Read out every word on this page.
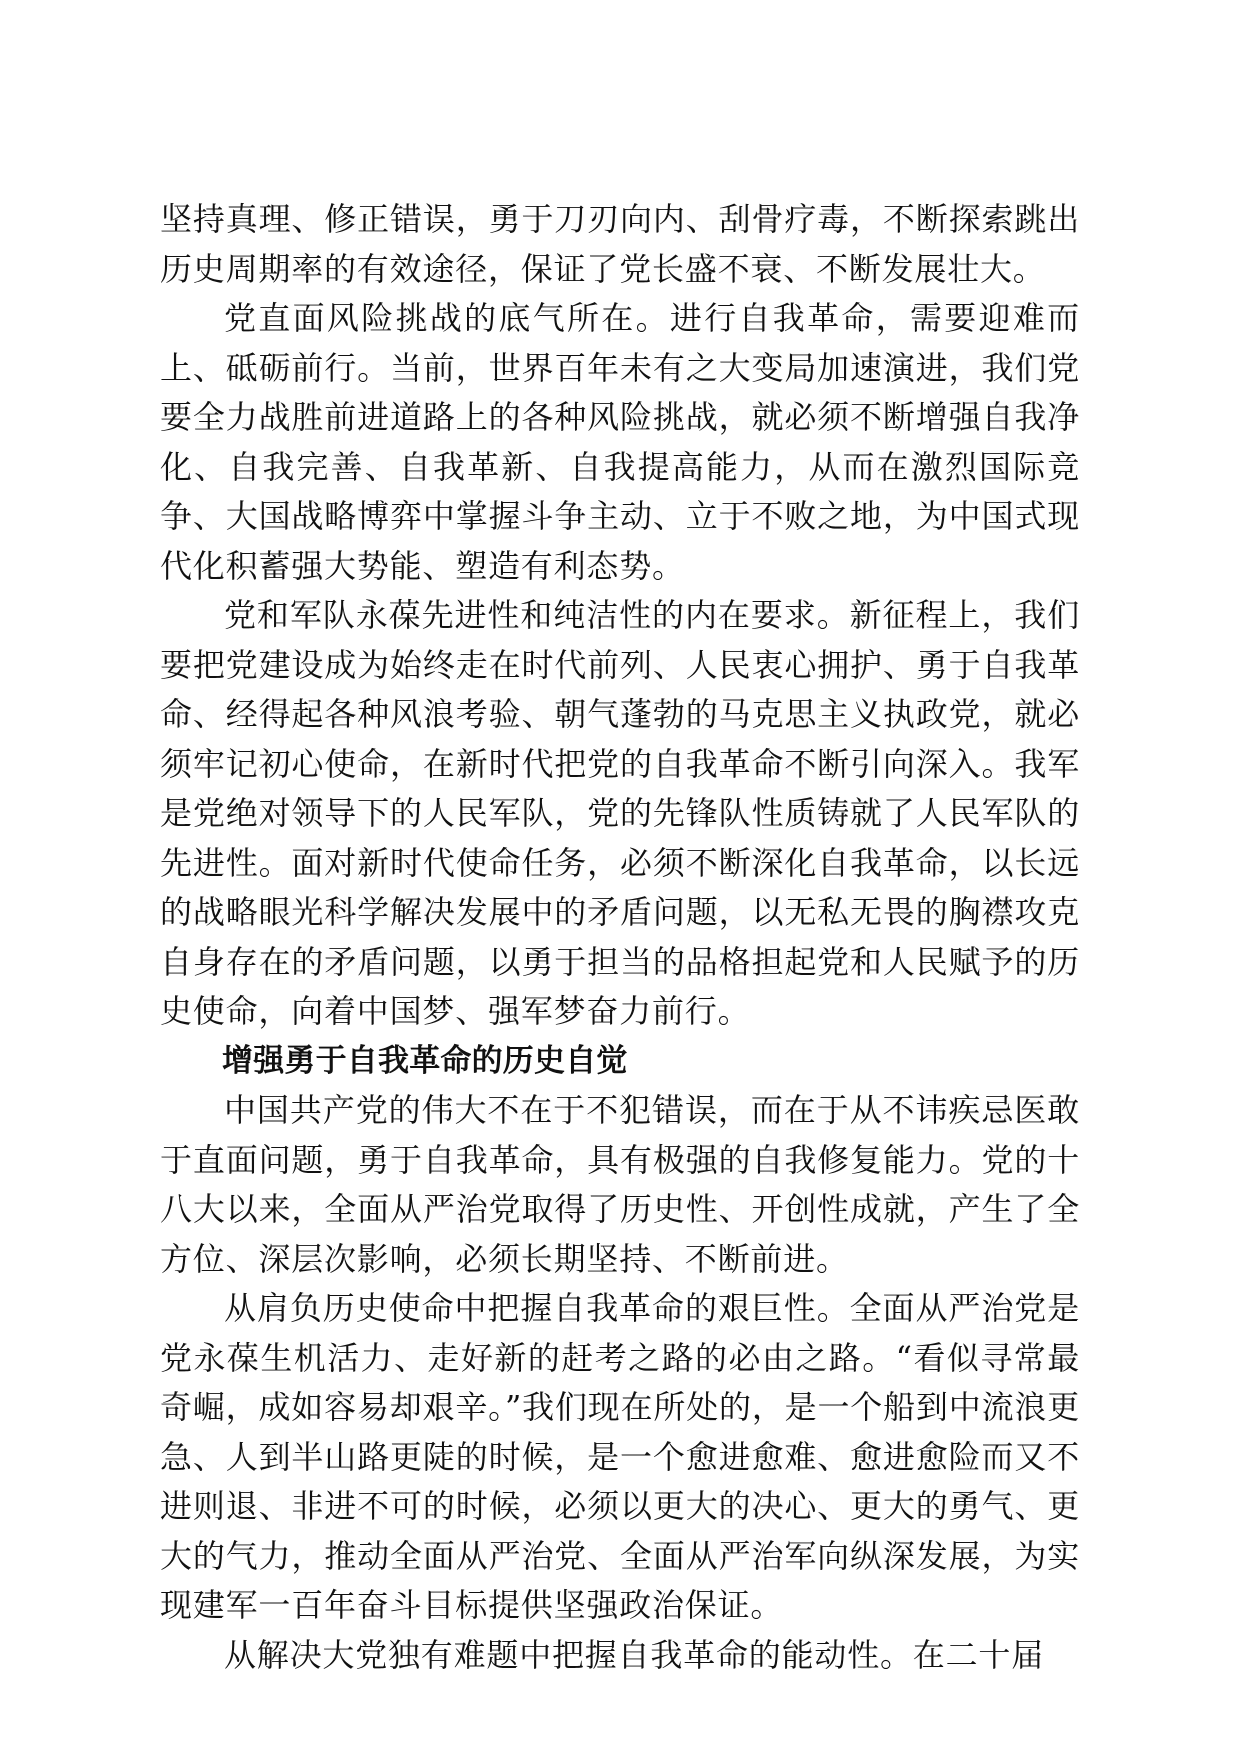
坚持真理、修正错误，勇于刀刃向内、刮骨疗毒，不断探索跳出历史周期率的有效途径，保证了党长盛不衰、不断发展壮大。

党直面风险挑战的底气所在。进行自我革命，需要迎难而上、砥砺前行。当前，世界百年未有之大变局加速演进，我们党要全力战胜前进道路上的各种风险挑战，就必须不断增强自我净化、自我完善、自我革新、自我提高能力，从而在激烈国际竞争、大国战略博弈中掌握斗争主动、立于不败之地，为中国式现代化积蓄强大势能、塑造有利态势。

党和军队永葆先进性和纯洁性的内在要求。新征程上，我们要把党建设成为始终走在时代前列、人民衷心拥护、勇于自我革命、经得起各种风浪考验、朝气蓬勃的马克思主义执政党，就必须牢记初心使命，在新时代把党的自我革命不断引向深入。我军是党绝对领导下的人民军队，党的先锋队性质铸就了人民军队的先进性。面对新时代使命任务，必须不断深化自我革命，以长远的战略眼光科学解决发展中的矛盾问题，以无私无畏的胸襟攻克自身存在的矛盾问题，以勇于担当的品格担起党和人民赋予的历史使命，向着中国梦、强军梦奋力前行。

增强勇于自我革命的历史自觉

中国共产党的伟大不在于不犯错误，而在于从不讳疾忌医敢于直面问题，勇于自我革命，具有极强的自我修复能力。党的十八大以来，全面从严治党取得了历史性、开创性成就，产生了全方位、深层次影响，必须长期坚持、不断前进。

从肩负历史使命中把握自我革命的艰巨性。全面从严治党是党永葆生机活力、走好新的赶考之路的必由之路。“看似寻常最奇崛，成如容易却艰辛。”我们现在所处的，是一个船到中流浪更急、人到半山路更陡的时候，是一个愈进愈难、愈进愈险而又不进则退、非进不可的时候，必须以更大的决心、更大的勇气、更大的气力，推动全面从严治党、全面从严治军向纵深发展，为实现建军一百年奋斗目标提供坚强政治保证。

从解决大党独有难题中把握自我革命的能动性。在二十届
